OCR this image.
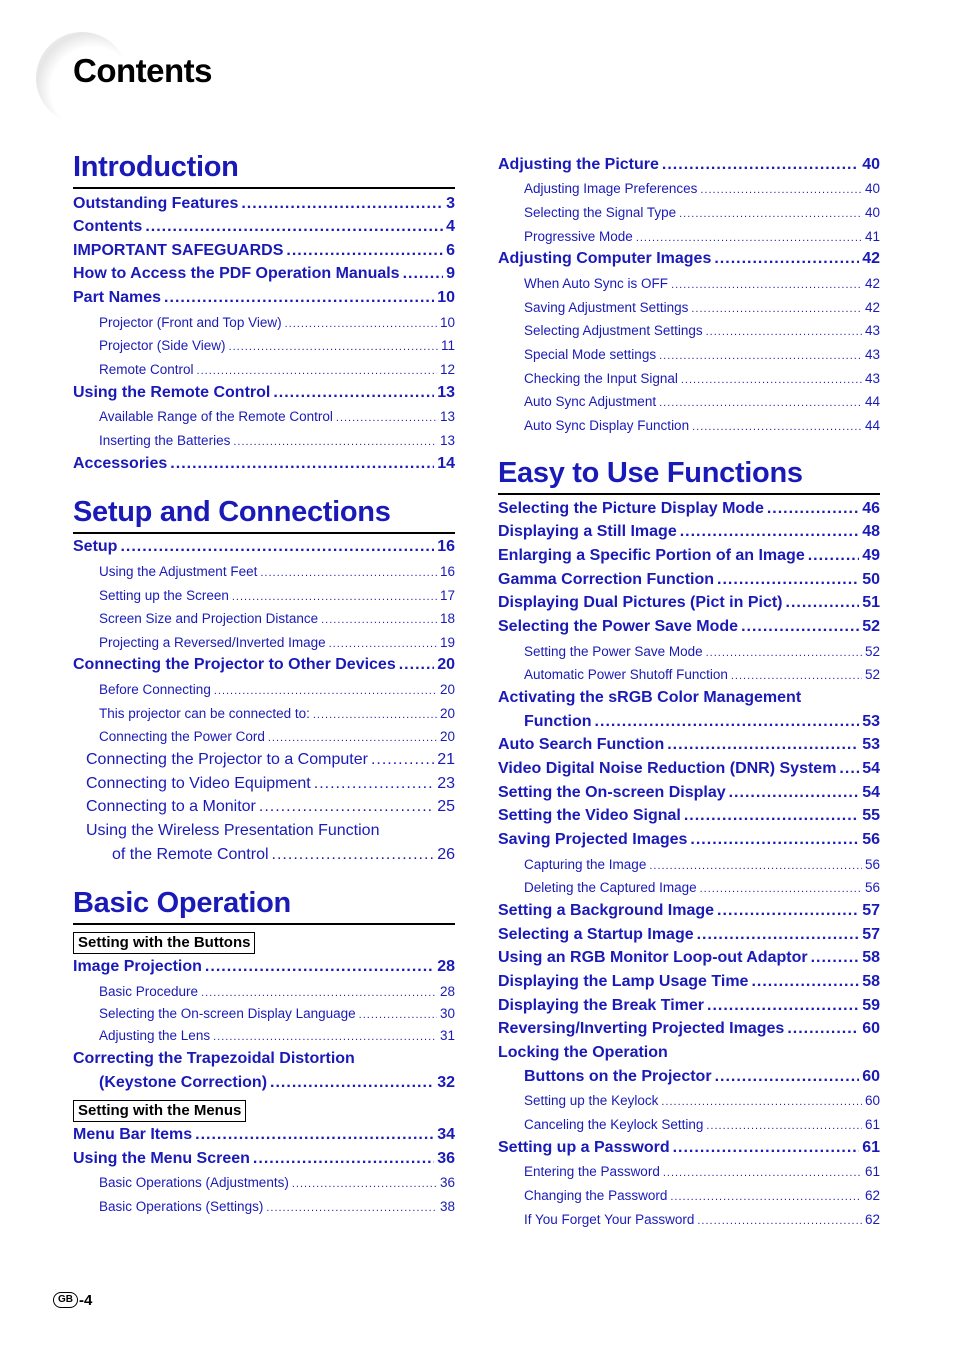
Contents
Introduction
Outstanding Features .....	3
Contents .....	4
IMPORTANT SAFEGUARDS .....	6
How to Access the PDF Operation Manuals .....	9
Part Names .....	10
Projector (Front and Top View) .....	10
Projector (Side View) .....	11
Remote Control .....	12
Using the Remote Control .....	13
Available Range of the Remote Control .....	13
Inserting the Batteries .....	13
Accessories .....	14
Setup and Connections
Setup .....	16
Using the Adjustment Feet .....	16
Setting up the Screen .....	17
Screen Size and Projection Distance .....	18
Projecting a Reversed/Inverted Image .....	19
Connecting the Projector to Other Devices .....	20
Before Connecting .....	20
This projector can be connected to: .....	20
Connecting the Power Cord .....	20
Connecting the Projector to a Computer .....	21
Connecting to Video Equipment .....	23
Connecting to a Monitor .....	25
Using the Wireless Presentation Function
of the Remote Control .....	26
Basic Operation
Setting with the Buttons
Image Projection .....	28
Basic Procedure .....	28
Selecting the On-screen Display Language .....	30
Adjusting the Lens .....	31
Correcting the Trapezoidal Distortion
(Keystone Correction) .....	32
Setting with the Menus
Menu Bar Items .....	34
Using the Menu Screen .....	36
Basic Operations (Adjustments) .....	36
Basic Operations (Settings) .....	38
Adjusting the Picture .....	40
Adjusting Image Preferences .....	40
Selecting the Signal Type .....	40
Progressive Mode .....	41
Adjusting Computer Images .....	42
When Auto Sync is OFF .....	42
Saving Adjustment Settings .....	42
Selecting Adjustment Settings .....	43
Special Mode settings .....	43
Checking the Input Signal .....	43
Auto Sync Adjustment .....	44
Auto Sync Display Function .....	44
Easy to Use Functions
Selecting the Picture Display Mode .....	46
Displaying a Still Image .....	48
Enlarging a Specific Portion of an Image .....	49
Gamma Correction Function .....	50
Displaying Dual Pictures (Pict in Pict) .....	51
Selecting the Power Save Mode .....	52
Setting the Power Save Mode .....	52
Automatic Power Shutoff Function .....	52
Activating the sRGB Color Management
Function .....	53
Auto Search Function .....	53
Video Digital Noise Reduction (DNR) System ..... 54
Setting the On-screen Display .....	54
Setting the Video Signal .....	55
Saving Projected Images .....	56
Capturing the Image .....	56
Deleting the Captured Image .....	56
Setting a Background Image .....	57
Selecting a Startup Image .....	57
Using an RGB Monitor Loop-out Adaptor .....	58
Displaying the Lamp Usage Time .....	58
Displaying the Break Timer .....	59
Reversing/Inverting Projected Images .....	60
Locking the Operation
Buttons on the Projector .....	60
Setting up the Keylock .....	60
Canceling the Keylock Setting .....	61
Setting up a Password .....	61
Entering the Password .....	61
Changing the Password .....	62
If You Forget Your Password .....	62
GB -4
